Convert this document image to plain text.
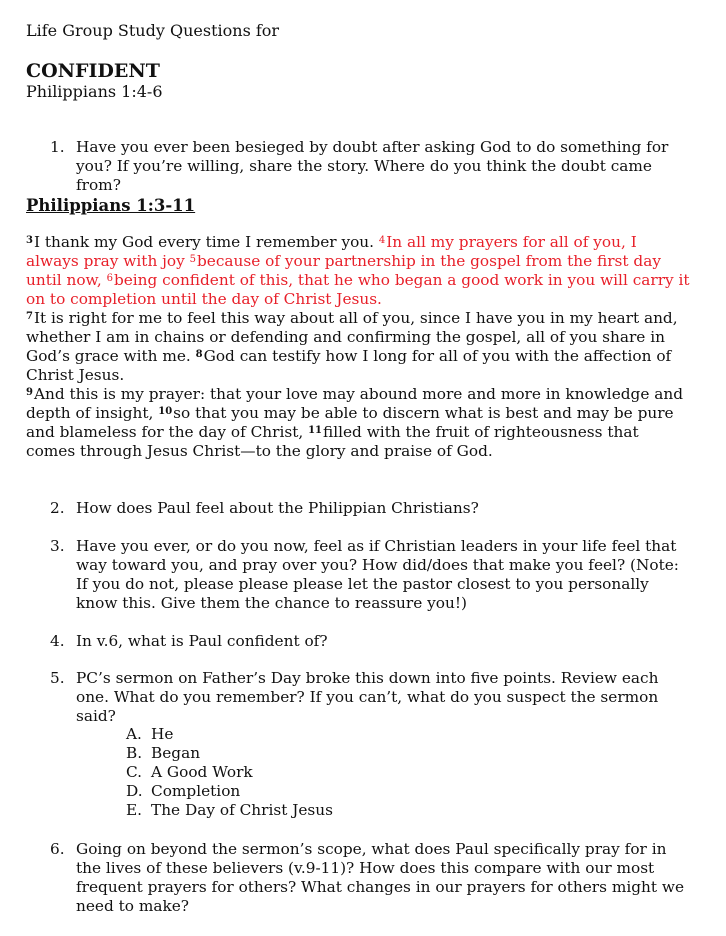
Life Group Study Questions for
CONFIDENT
Philippians 1:4-6
1. Have you ever been besieged by doubt after asking God to do something for you? If you’re willing, share the story. Where do you think the doubt came from?
Philippians 1:3-11
$^3$I thank my God every time I remember you. $^4$In all my prayers for all of you, I always pray with joy $^5$because of your partnership in the gospel from the first day until now, $^6$being confident of this, that he who began a good work in you will carry it on to completion until the day of Christ Jesus.
$^7$It is right for me to feel this way about all of you, since I have you in my heart and, whether I am in chains or defending and confirming the gospel, all of you share in God’s grace with me. $^8$God can testify how I long for all of you with the affection of Christ Jesus.
$^9$And this is my prayer: that your love may abound more and more in knowledge and depth of insight, $^{10}$so that you may be able to discern what is best and may be pure and blameless for the day of Christ, $^{11}$filled with the fruit of righteousness that comes through Jesus Christ—to the glory and praise of God.
2. How does Paul feel about the Philippian Christians?
3. Have you ever, or do you now, feel as if Christian leaders in your life feel that way toward you, and pray over you? How did/does that make you feel? (Note: If you do not, please please please let the pastor closest to you personally know this. Give them the chance to reassure you!)
4. In v.6, what is Paul confident of?
5. PC’s sermon on Father’s Day broke this down into five points. Review each one. What do you remember? If you can’t, what do you suspect the sermon said?
A. He
B. Began
C. A Good Work
D. Completion
E. The Day of Christ Jesus
6. Going on beyond the sermon’s scope, what does Paul specifically pray for in the lives of these believers (v.9-11)? How does this compare with our most frequent prayers for others? What changes in our prayers for others might we need to make?
